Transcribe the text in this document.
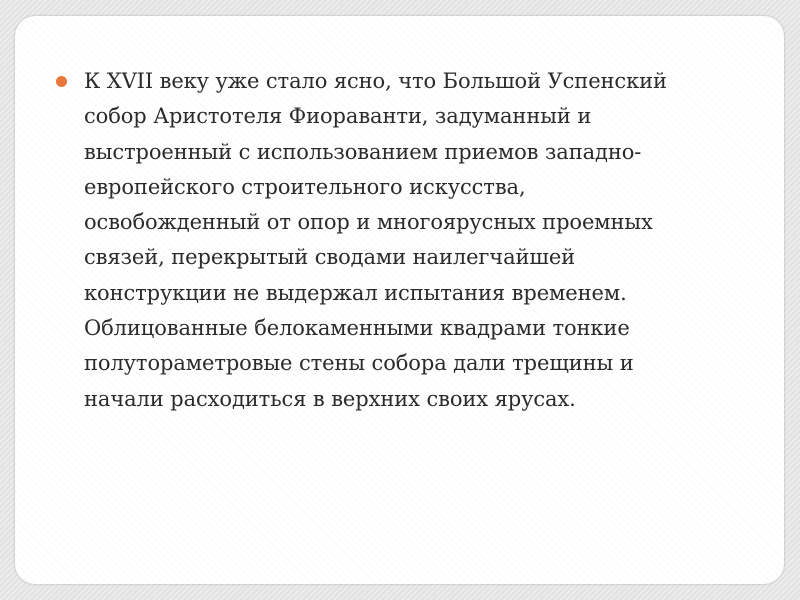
К XVII веку уже стало ясно, что Большой Успенский
собор Аристотеля Фиораванти, задуманный и
выстроенный с использованием приемов западно-
европейского строительного искусства,
освобожденный от опор и многоярусных проемных
связей, перекрытый сводами наилегчайшей
конструкции не выдержал испытания временем.
Облицованные белокаменными квадрами тонкие
полутораметровые стены собора дали трещины и
начали расходиться в верхних своих ярусах.
